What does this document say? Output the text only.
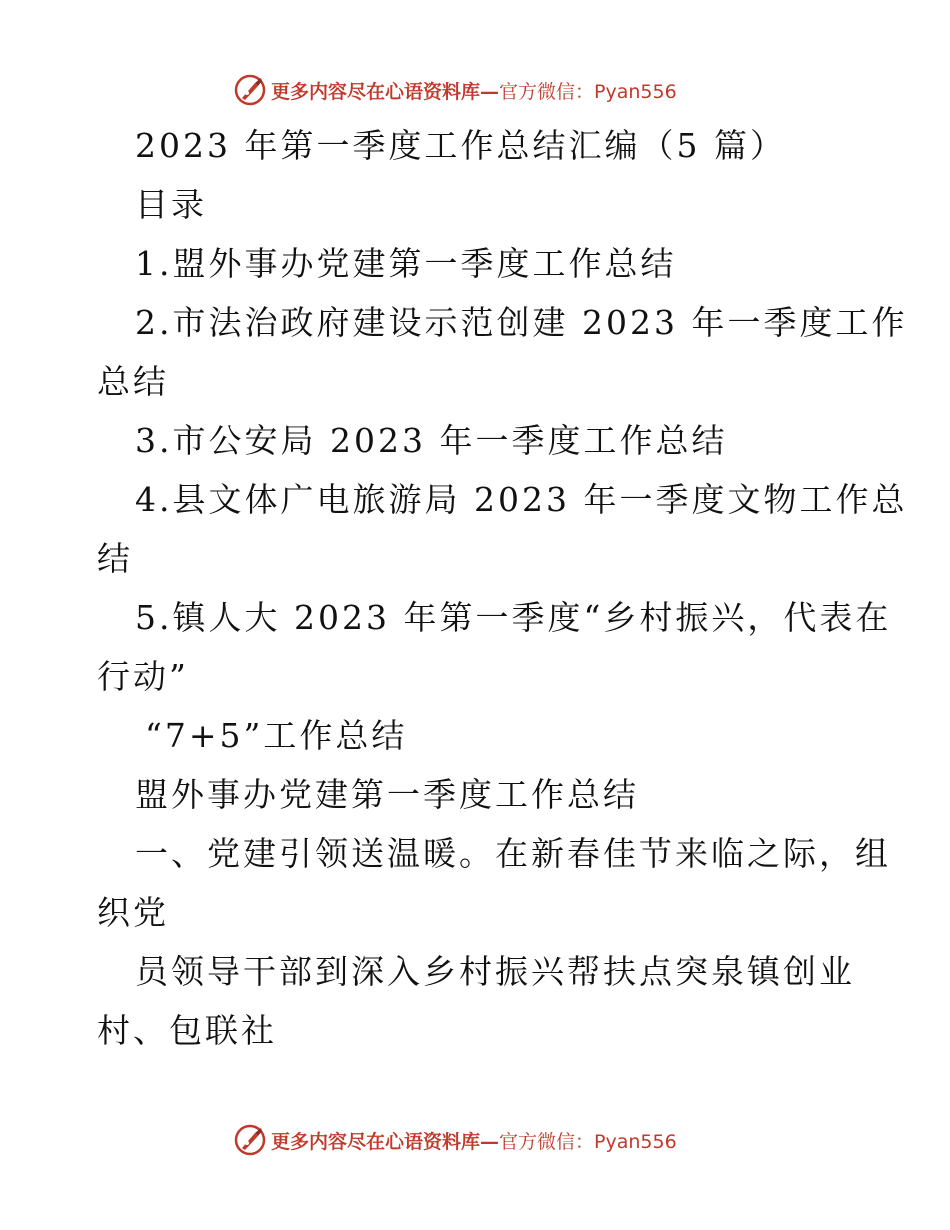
更多内容尽在心语资料库— 官方微信：Pyan556
2023 年第一季度工作总结汇编（5 篇）
目录
1.盟外事办党建第一季度工作总结
2.市法治政府建设示范创建 2023 年一季度工作
总结
3.市公安局 2023 年一季度工作总结
4.县文体广电旅游局 2023 年一季度文物工作总
结
5.镇人大 2023 年第一季度“乡村振兴，代表在
行动”
“7+5”工作总结
盟外事办党建第一季度工作总结
一、党建引领送温暖。在新春佳节来临之际，组
织党
员领导干部到深入乡村振兴帮扶点突泉镇创业
村、包联社
更多内容尽在心语资料库— 官方微信：Pyan556
